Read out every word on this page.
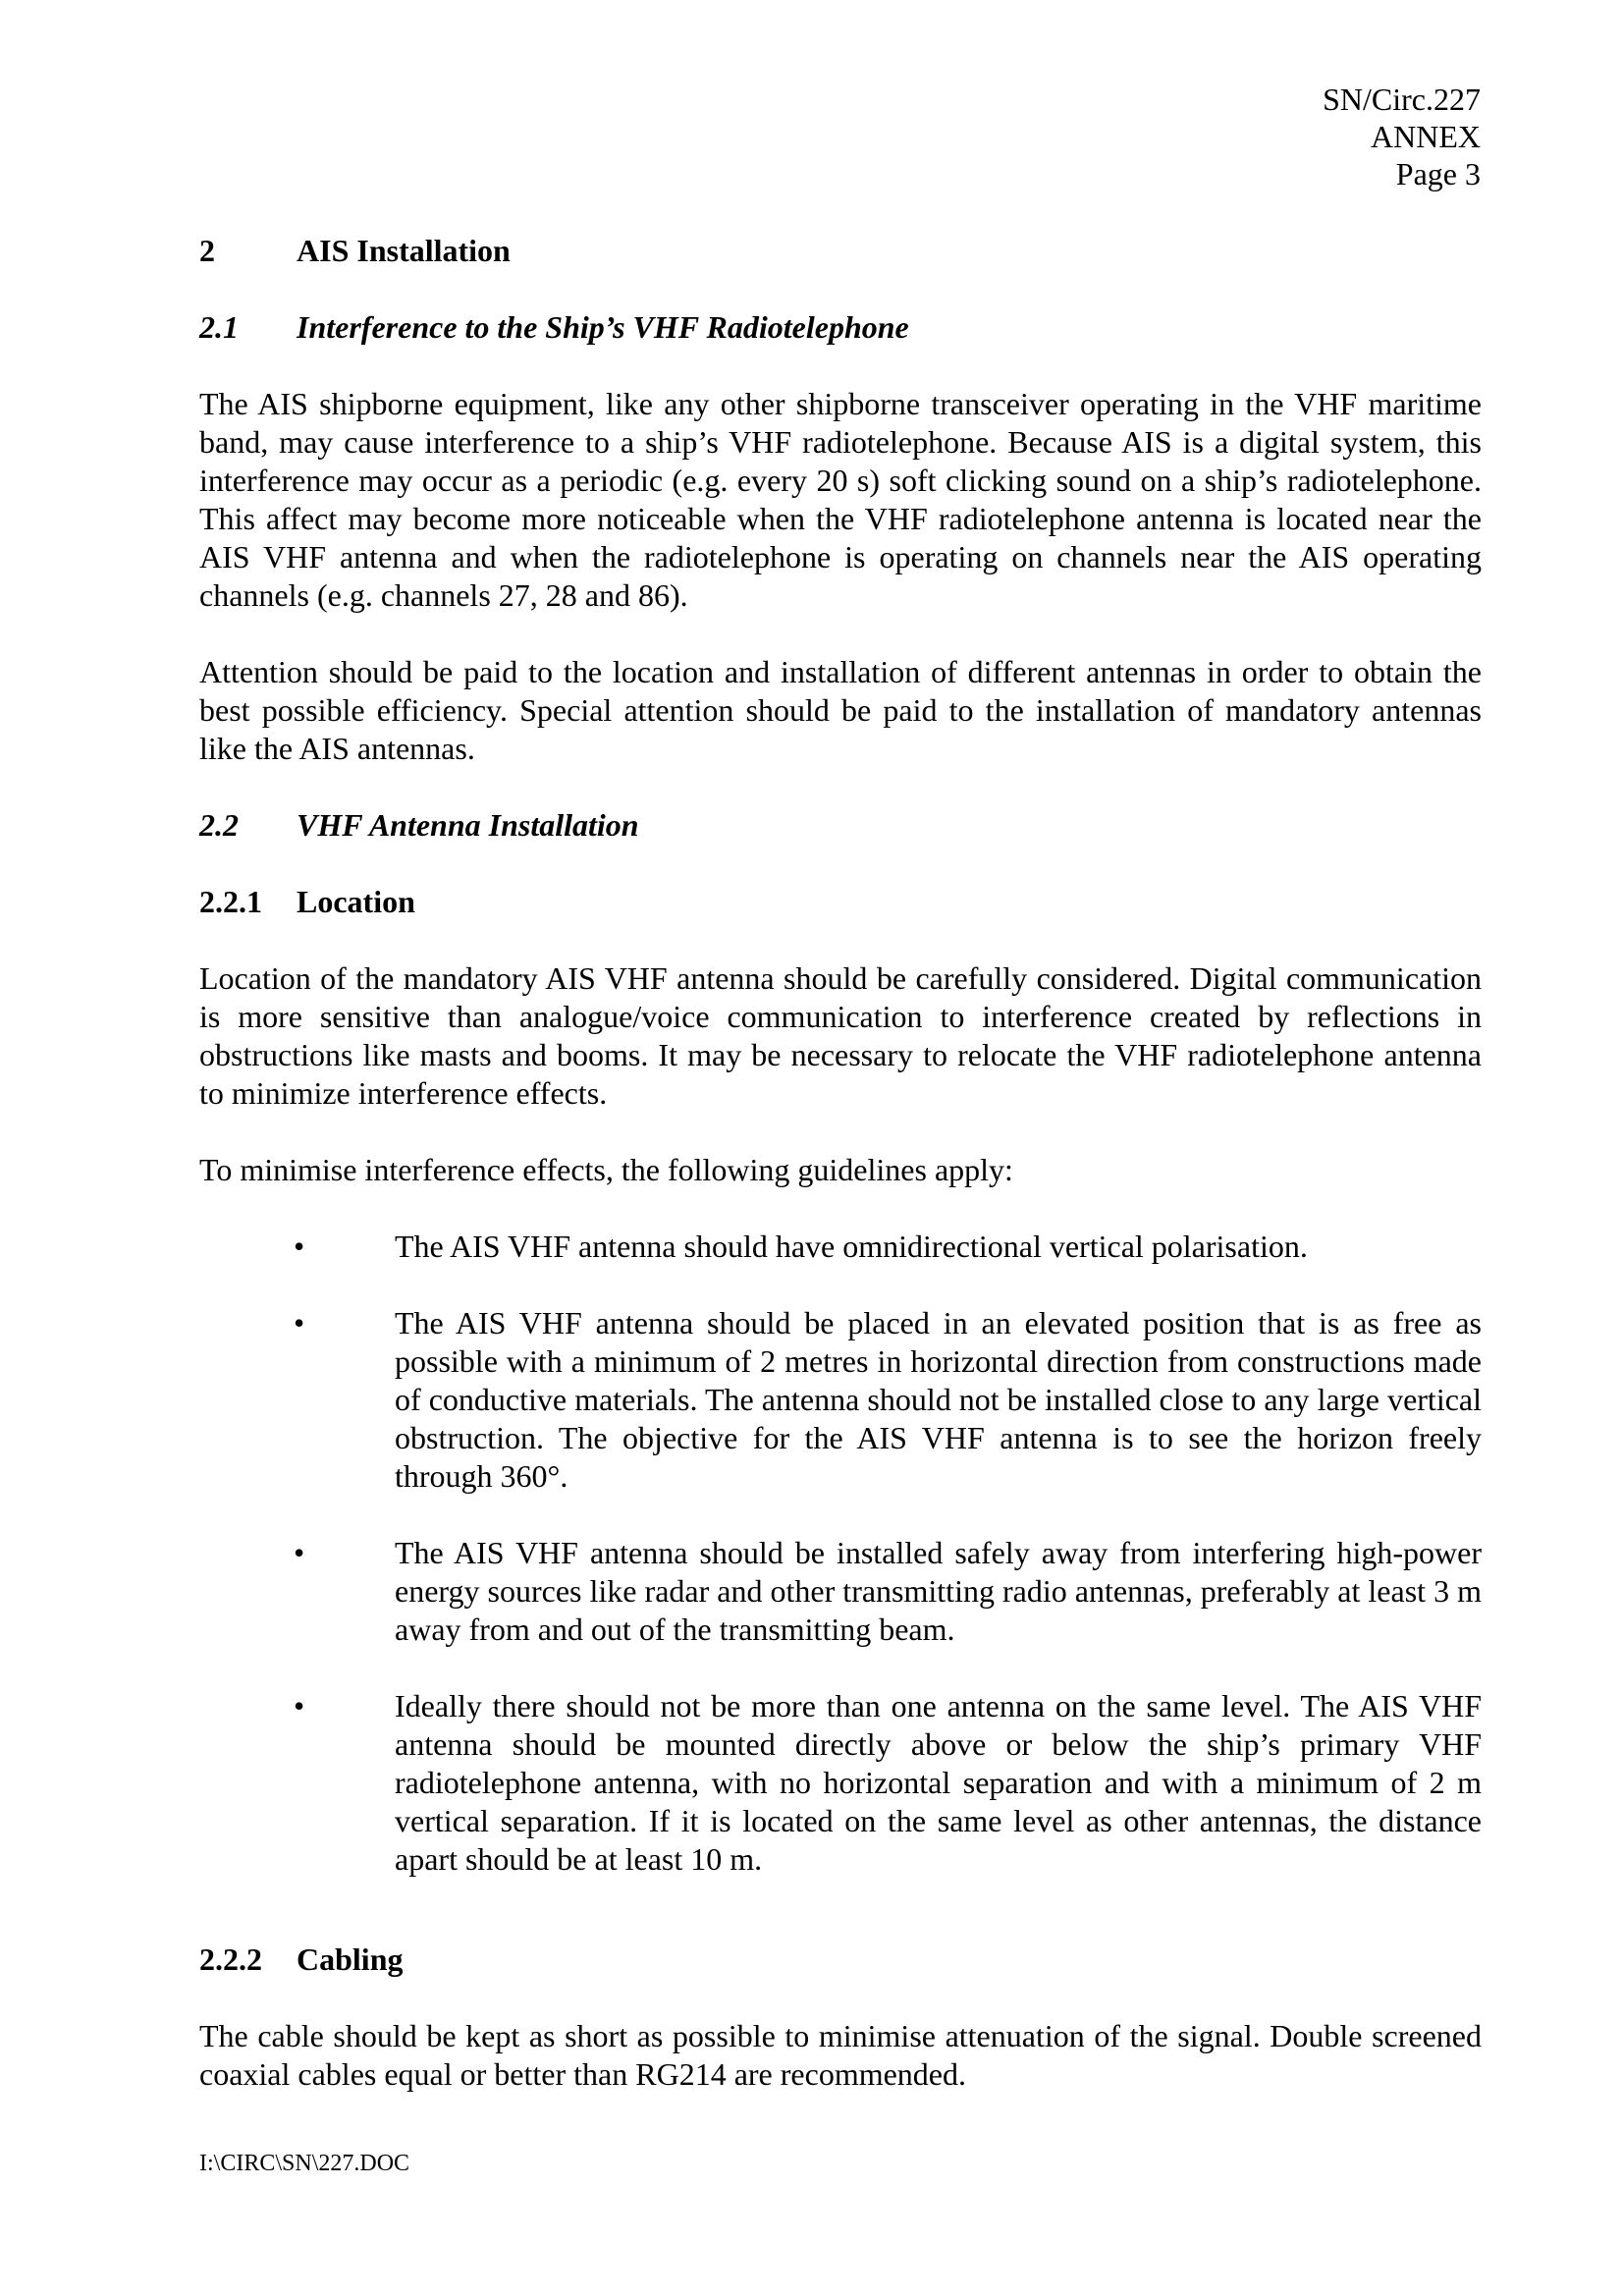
SN/Circ.227
ANNEX
Page 3
2	AIS Installation
2.1 Interference to the Ship’s VHF Radiotelephone
The AIS shipborne equipment, like any other shipborne transceiver operating in the VHF maritime band, may cause interference to a ship’s VHF radiotelephone. Because AIS is a digital system, this interference may occur as a periodic (e.g. every 20 s) soft clicking sound on a ship’s radiotelephone. This affect may become more noticeable when the VHF radiotelephone antenna is located near the AIS VHF antenna and when the radiotelephone is operating on channels near the AIS operating channels (e.g. channels 27, 28 and 86).
Attention should be paid to the location and installation of different antennas in order to obtain the best possible efficiency. Special attention should be paid to the installation of mandatory antennas like the AIS antennas.
2.2 VHF Antenna Installation
2.2.1 Location
Location of the mandatory AIS VHF antenna should be carefully considered. Digital communication is more sensitive than analogue/voice communication to interference created by reflections in obstructions like masts and booms. It may be necessary to relocate the VHF radiotelephone antenna to minimize interference effects.
To minimise interference effects, the following guidelines apply:
•	The AIS VHF antenna should have omnidirectional vertical polarisation.
•	The AIS VHF antenna should be placed in an elevated position that is as free as possible with a minimum of 2 metres in horizontal direction from constructions made of conductive materials. The antenna should not be installed close to any large vertical obstruction. The objective for the AIS VHF antenna is to see the horizon freely through 360°.
•	The AIS VHF antenna should be installed safely away from interfering high-power energy sources like radar and other transmitting radio antennas, preferably at least 3 m away from and out of the transmitting beam.
•	Ideally there should not be more than one antenna on the same level. The AIS VHF antenna should be mounted directly above or below the ship’s primary VHF radiotelephone antenna, with no horizontal separation and with a minimum of 2 m vertical separation. If it is located on the same level as other antennas, the distance apart should be at least 10 m.
2.2.2 Cabling
The cable should be kept as short as possible to minimise attenuation of the signal. Double screened coaxial cables equal or better than RG214 are recommended.
I:\CIRC\SN\227.DOC
